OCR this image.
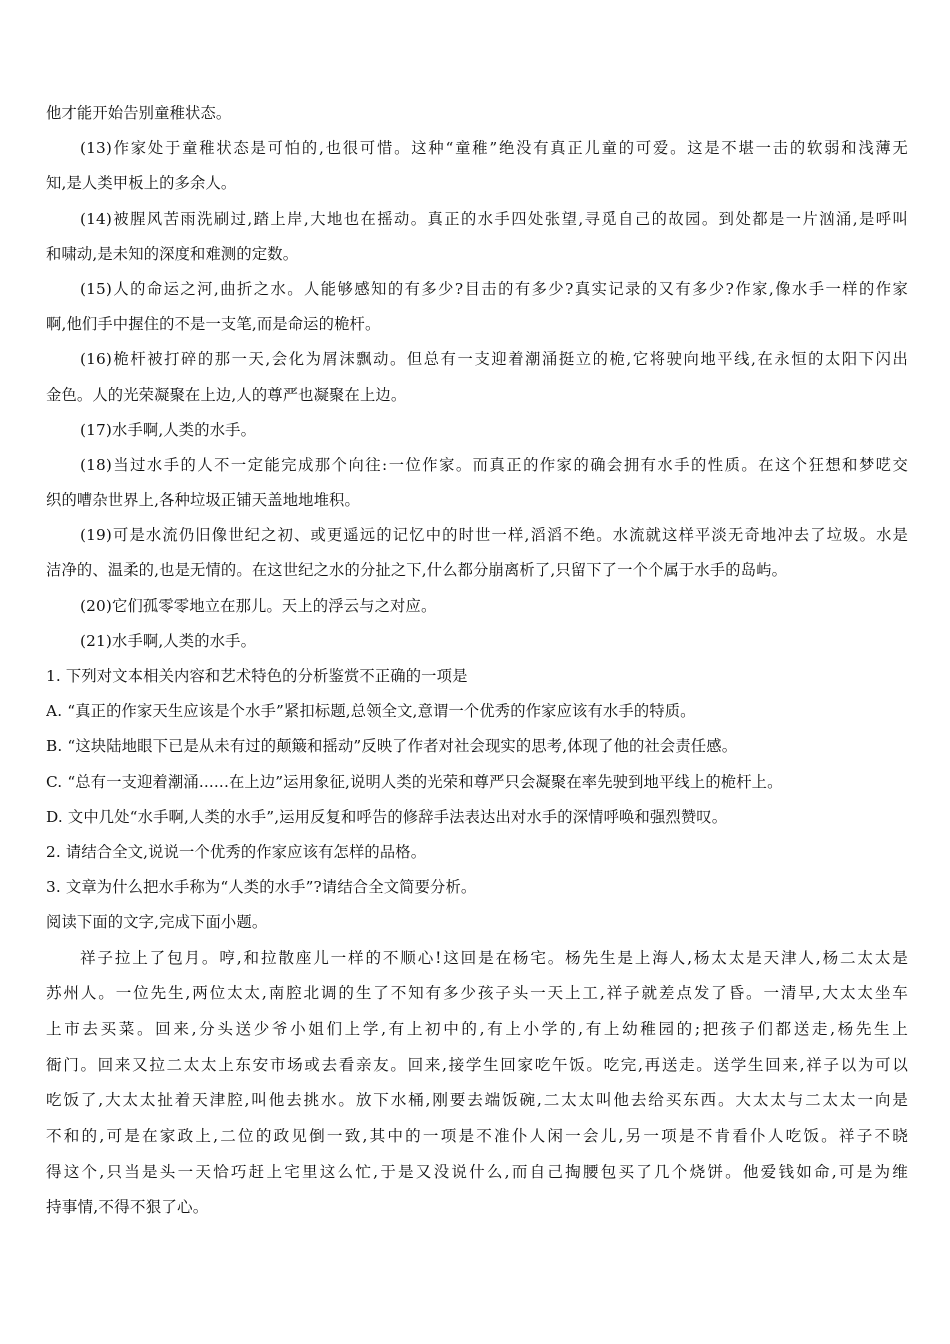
他才能开始告别童稚状态。
(13)作家处于童稚状态是可怕的,也很可惜。这种“童稚”绝没有真正儿童的可爱。这是不堪一击的软弱和浅薄无
知,是人类甲板上的多余人。
(14)被腥风苦雨洗刷过,踏上岸,大地也在摇动。真正的水手四处张望,寻觅自己的故园。到处都是一片汹涌,是呼叫
和啸动,是未知的深度和难测的定数。
(15)人的命运之河,曲折之水。人能够感知的有多少?目击的有多少?真实记录的又有多少?作家,像水手一样的作家
啊,他们手中握住的不是一支笔,而是命运的桅杆。
(16)桅杆被打碎的那一天,会化为屑沫飘动。但总有一支迎着潮涌挺立的桅,它将驶向地平线,在永恒的太阳下闪出
金色。人的光荣凝聚在上边,人的尊严也凝聚在上边。
(17)水手啊,人类的水手。
(18)当过水手的人不一定能完成那个向往:一位作家。而真正的作家的确会拥有水手的性质。在这个狂想和梦呓交
织的嘈杂世界上,各种垃圾正铺天盖地地堆积。
(19)可是水流仍旧像世纪之初、或更遥远的记忆中的时世一样,滔滔不绝。水流就这样平淡无奇地冲去了垃圾。水是
洁净的、温柔的,也是无情的。在这世纪之水的分扯之下,什么都分崩离析了,只留下了一个个属于水手的岛屿。
(20)它们孤零零地立在那儿。天上的浮云与之对应。
(21)水手啊,人类的水手。
1. 下列对文本相关内容和艺术特色的分析鉴赏不正确的一项是
A. “真正的作家天生应该是个水手”紧扣标题,总领全文,意谓一个优秀的作家应该有水手的特质。
B. “这块陆地眼下已是从未有过的颠簸和摇动”反映了作者对社会现实的思考,体现了他的社会责任感。
C. “总有一支迎着潮涌......在上边”运用象征,说明人类的光荣和尊严只会凝聚在率先驶到地平线上的桅杆上。
D. 文中几处“水手啊,人类的水手”,运用反复和呼告的修辞手法表达出对水手的深情呼唤和强烈赞叹。
2. 请结合全文,说说一个优秀的作家应该有怎样的品格。
3. 文章为什么把水手称为“人类的水手”?请结合全文简要分析。
阅读下面的文字,完成下面小题。
祥子拉上了包月。哼,和拉散座儿一样的不顺心!这回是在杨宅。杨先生是上海人,杨太太是天津人,杨二太太是
苏州人。一位先生,两位太太,南腔北调的生了不知有多少孩子头一天上工,祥子就差点发了昏。一清早,大太太坐车
上市去买菜。回来,分头送少爷小姐们上学,有上初中的,有上小学的,有上幼稚园的;把孩子们都送走,杨先生上
衙门。回来又拉二太太上东安市场或去看亲友。回来,接学生回家吃午饭。吃完,再送走。送学生回来,祥子以为可以
吃饭了,大太太扯着天津腔,叫他去挑水。放下水桶,刚要去端饭碗,二太太叫他去给买东西。大太太与二太太一向是
不和的,可是在家政上,二位的政见倒一致,其中的一项是不准仆人闲一会儿,另一项是不肯看仆人吃饭。祥子不晓
得这个,只当是头一天恰巧赶上宅里这么忙,于是又没说什么,而自己掏腰包买了几个烧饼。他爱钱如命,可是为维
持事情,不得不狠了心。
